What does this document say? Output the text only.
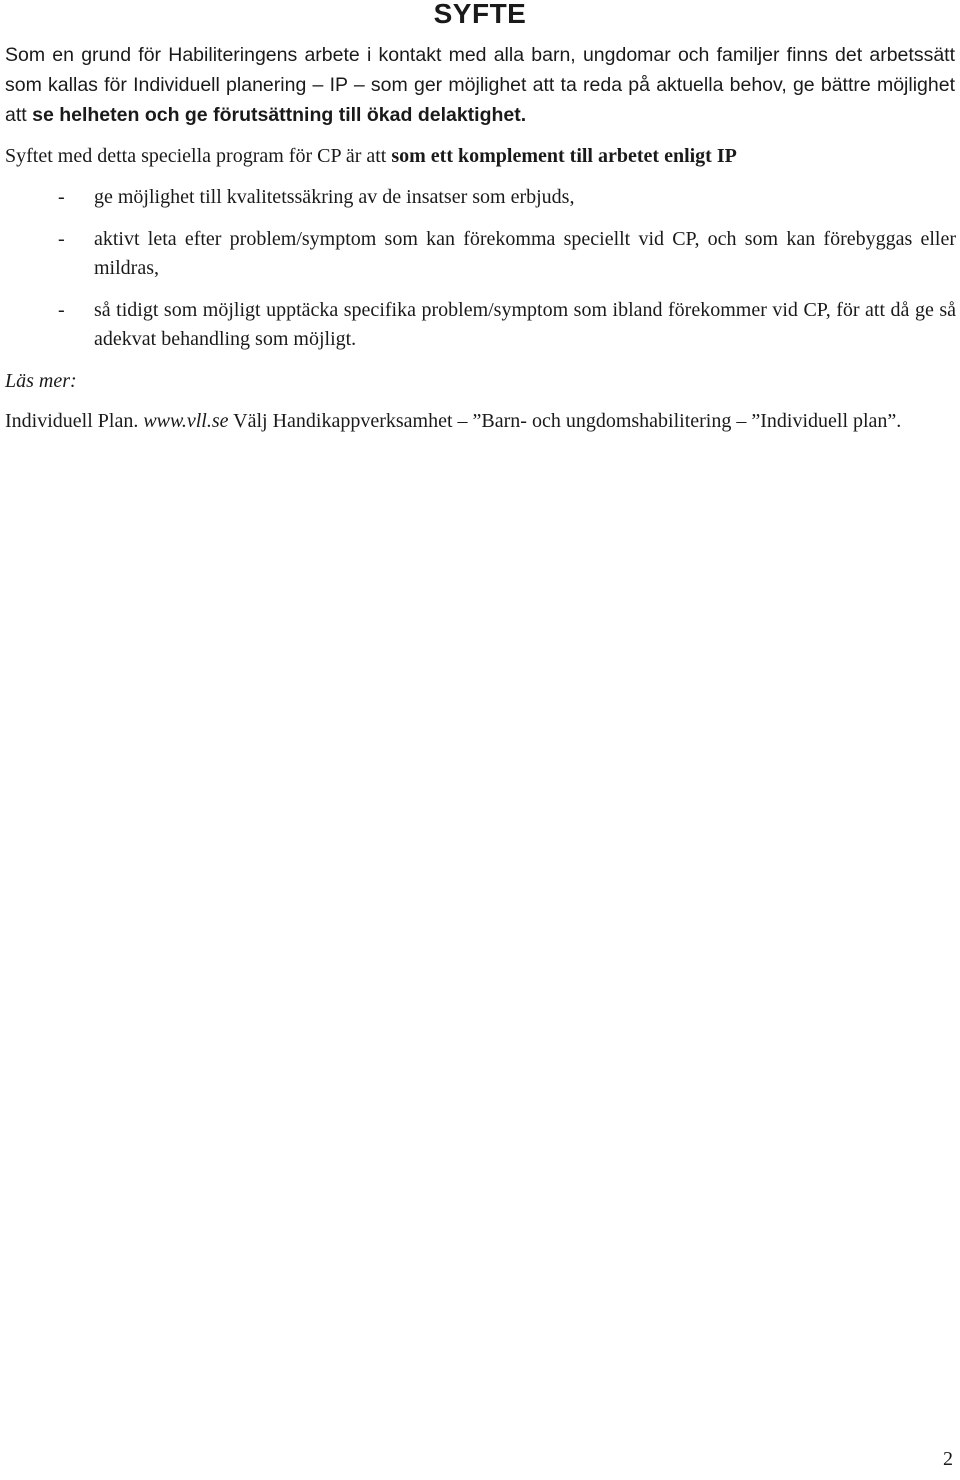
SYFTE

Som en grund för Habiliteringens arbete i kontakt med alla barn, ungdomar och familjer finns det arbetssätt som kallas för Individuell planering – IP – som ger möjlighet att ta reda på aktuella behov, ge bättre möjlighet att se helheten och ge förutsättning till ökad delaktighet.

Syftet med detta speciella program för CP är att som ett komplement till arbetet enligt IP

- ge möjlighet till kvalitetssäkring av de insatser som erbjuds,
- aktivt leta efter problem/symptom som kan förekomma speciellt vid CP, och som kan förebyggas eller mildras,
- så tidigt som möjligt upptäcka specifika problem/symptom som ibland förekommer vid CP, för att då ge så adekvat behandling som möjligt.

Läs mer:

Individuell Plan. www.vll.se Välj Handikappverksamhet – ”Barn- och ungdomshabilitering – ”Individuell plan”.

2
